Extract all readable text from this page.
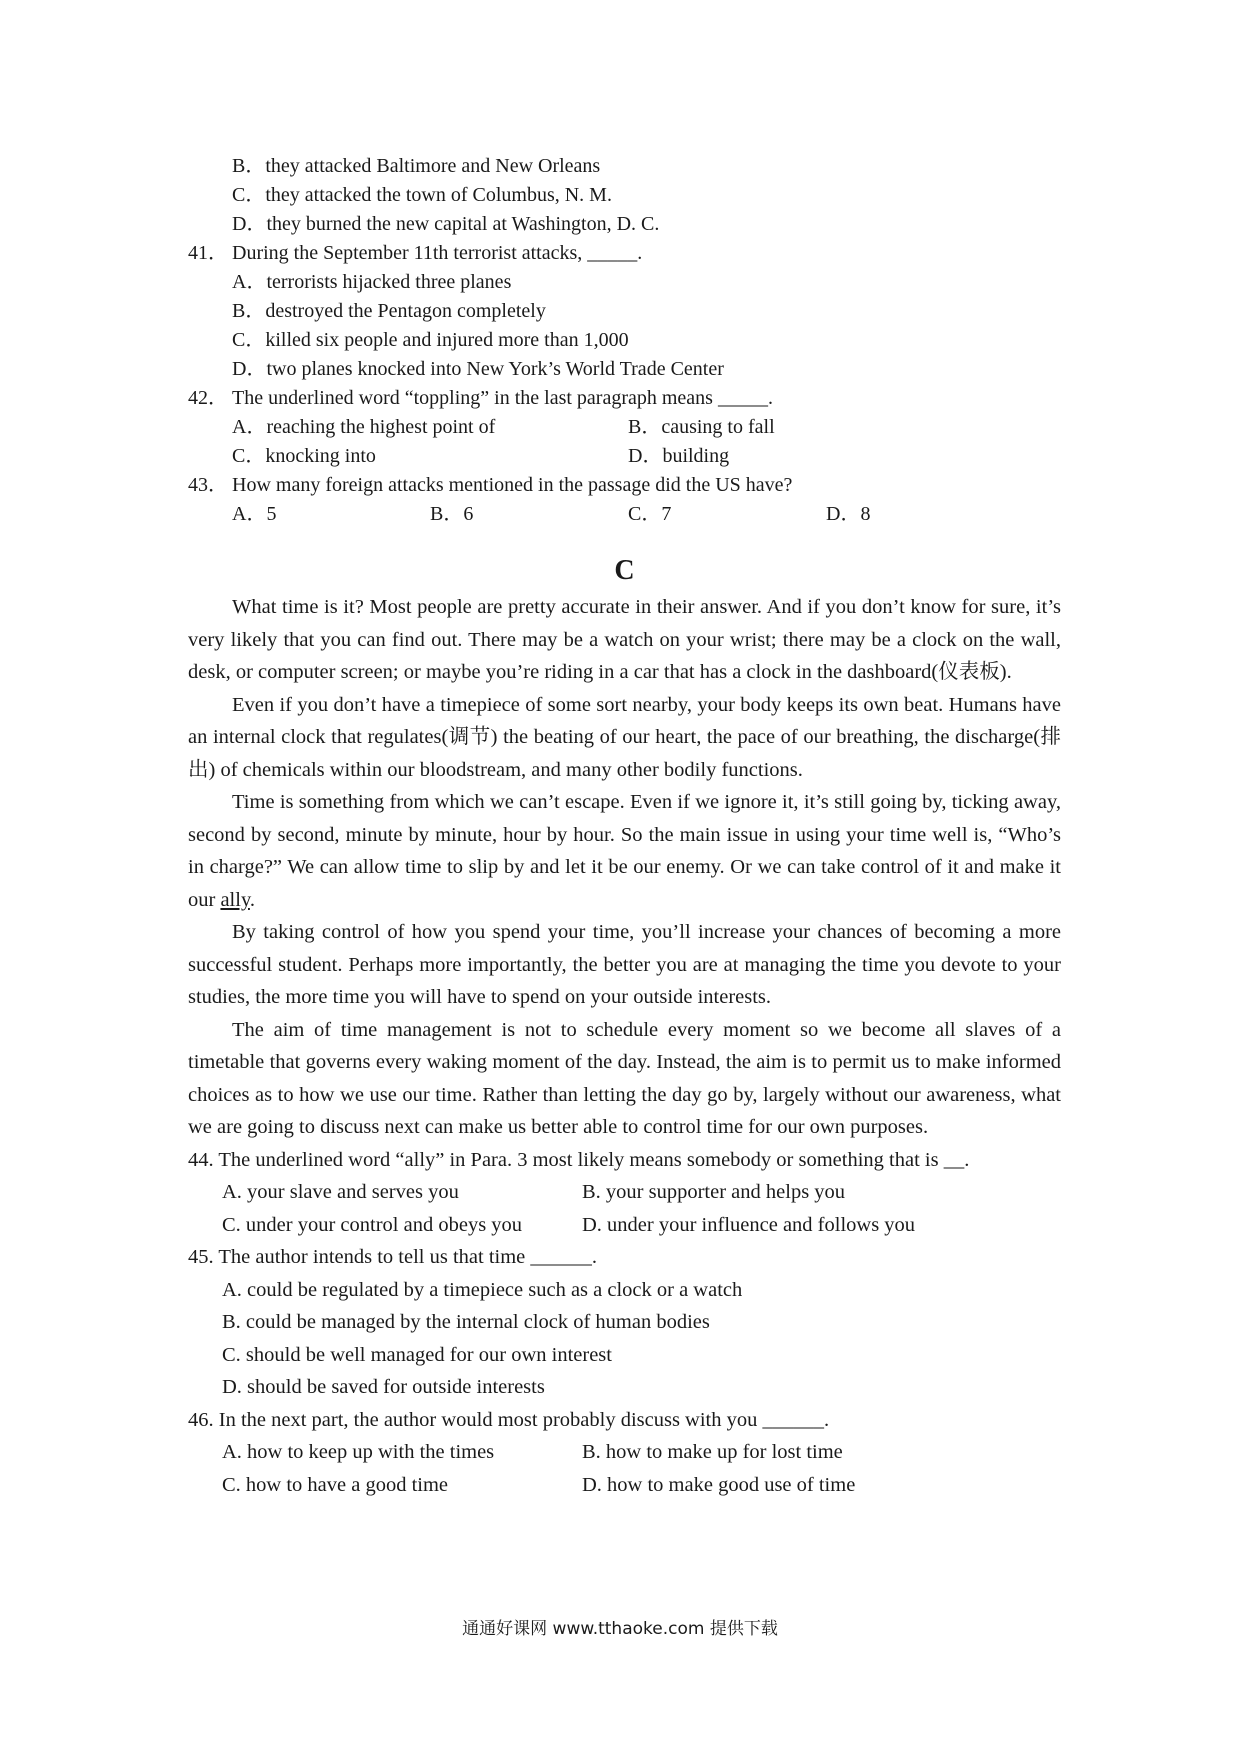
B．they attacked Baltimore and New Orleans
C．they attacked the town of Columbus, N. M.
D．they burned the new capital at Washington, D. C.
41． During the September 11th terrorist attacks, _____.
A．terrorists hijacked three planes
B．destroyed the Pentagon completely
C．killed six people and injured more than 1,000
D．two planes knocked into New York’s World Trade Center
42． The underlined word “toppling” in the last paragraph means _____.
A．reaching the highest point of	B．causing to fall
C．knocking into	D．building
43． How many foreign attacks mentioned in the passage did the US have?
A．5	B．6	C．7	D．8
C

What time is it? Most people are pretty accurate in their answer. And if you don’t know for sure, it’s very likely that you can find out. There may be a watch on your wrist; there may be a clock on the wall, desk, or computer screen; or maybe you’re riding in a car that has a clock in the dashboard(仪表板).

Even if you don’t have a timepiece of some sort nearby, your body keeps its own beat. Humans have an internal clock that regulates(调节) the beating of our heart, the pace of our breathing, the discharge(排出) of chemicals within our bloodstream, and many other bodily functions.

Time is something from which we can’t escape. Even if we ignore it, it’s still going by, ticking away, second by second, minute by minute, hour by hour. So the main issue in using your time well is, “Who’s in charge?” We can allow time to slip by and let it be our enemy. Or we can take control of it and make it our ally.

By taking control of how you spend your time, you’ll increase your chances of becoming a more successful student. Perhaps more importantly, the better you are at managing the time you devote to your studies, the more time you will have to spend on your outside interests.

The aim of time management is not to schedule every moment so we become all slaves of a timetable that governs every waking moment of the day. Instead, the aim is to permit us to make informed choices as to how we use our time. Rather than letting the day go by, largely without our awareness, what we are going to discuss next can make us better able to control time for our own purposes.

44. The underlined word “ally” in Para. 3 most likely means somebody or something that is __.
A. your slave and serves you	B. your supporter and helps you
C. under your control and obeys you	D. under your influence and follows you
45. The author intends to tell us that time ______.
A. could be regulated by a timepiece such as a clock or a watch
B. could be managed by the internal clock of human bodies
C. should be well managed for our own interest
D. should be saved for outside interests
46. In the next part, the author would most probably discuss with you ______.
A. how to keep up with the times	B. how to make up for lost time
C. how to have a good time	D. how to make good use of time
通通好课网 www.tthaoke.com 提供下载
